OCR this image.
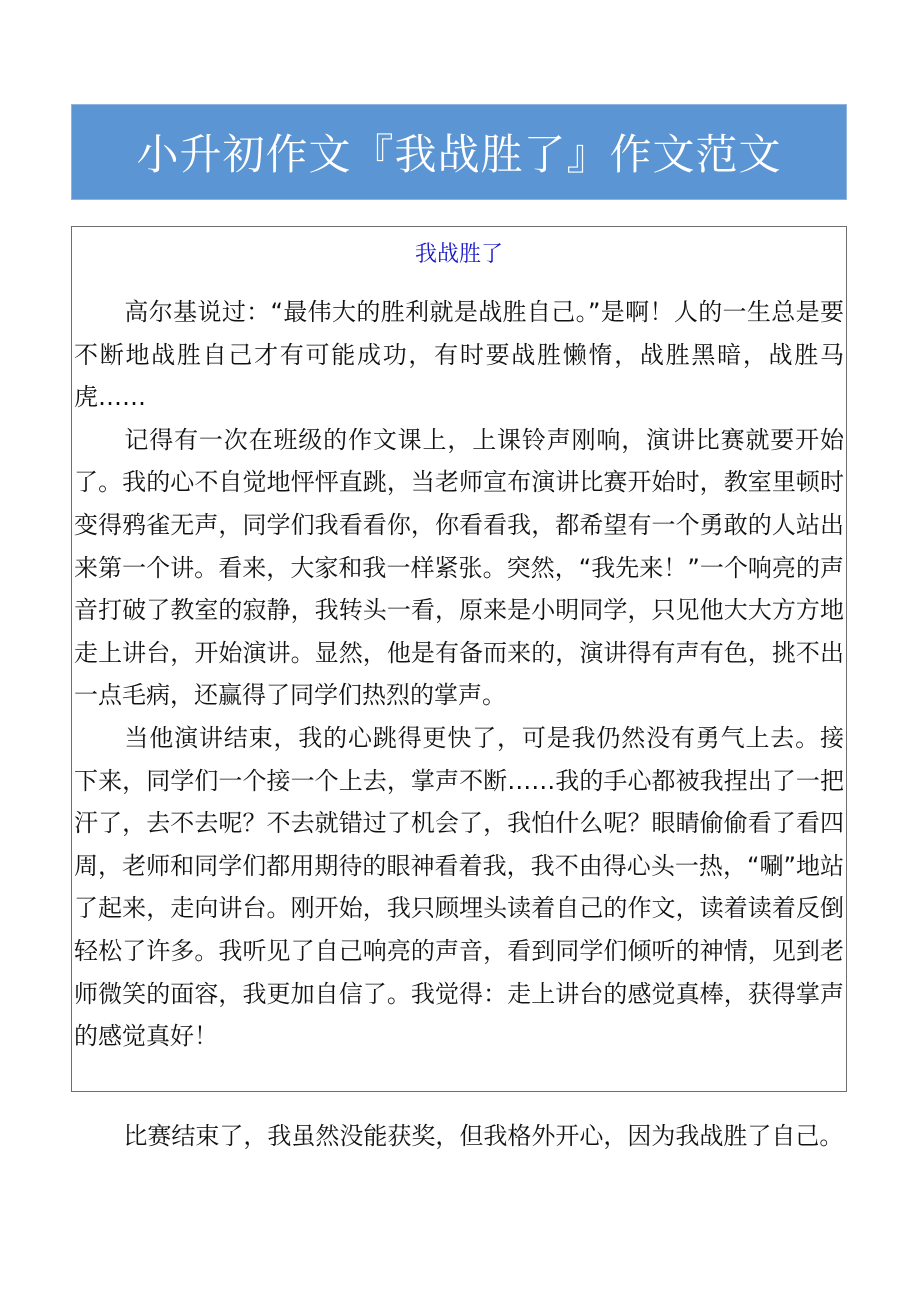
小升初作文『我战胜了』作文范文
我战胜了

高尔基说过：“最伟大的胜利就是战胜自己。”是啊！人的一生总是要不断地战胜自己才有可能成功，有时要战胜懒惰，战胜黑暗，战胜马虎……

记得有一次在班级的作文课上，上课铃声刚响，演讲比赛就要开始了。我的心不自觉地怦怦直跳，当老师宣布演讲比赛开始时，教室里顿时变得鸦雀无声，同学们我看看你，你看看我，都希望有一个勇敢的人站出来第一个讲。看来，大家和我一样紧张。突然，“我先来！”一个响亮的声音打破了教室的寂静，我转头一看，原来是小明同学，只见他大大方方地走上讲台，开始演讲。显然，他是有备而来的，演讲得有声有色，挑不出一点毛病，还赢得了同学们热烈的掌声。

当他演讲结束，我的心跳得更快了，可是我仍然没有勇气上去。接下来，同学们一个接一个上去，掌声不断……我的手心都被我捏出了一把汗了，去不去呢？不去就错过了机会了，我怕什么呢？眼睛偷偷看了看四周，老师和同学们都用期待的眼神看着我，我不由得心头一热，“唰”地站了起来，走向讲台。刚开始，我只顾埋头读着自己的作文，读着读着反倒轻松了许多。我听见了自己响亮的声音，看到同学们倾听的神情，见到老师微笑的面容，我更加自信了。我觉得：走上讲台的感觉真棒，获得掌声的感觉真好！

比赛结束了，我虽然没能获奖，但我格外开心，因为我战胜了自己。
